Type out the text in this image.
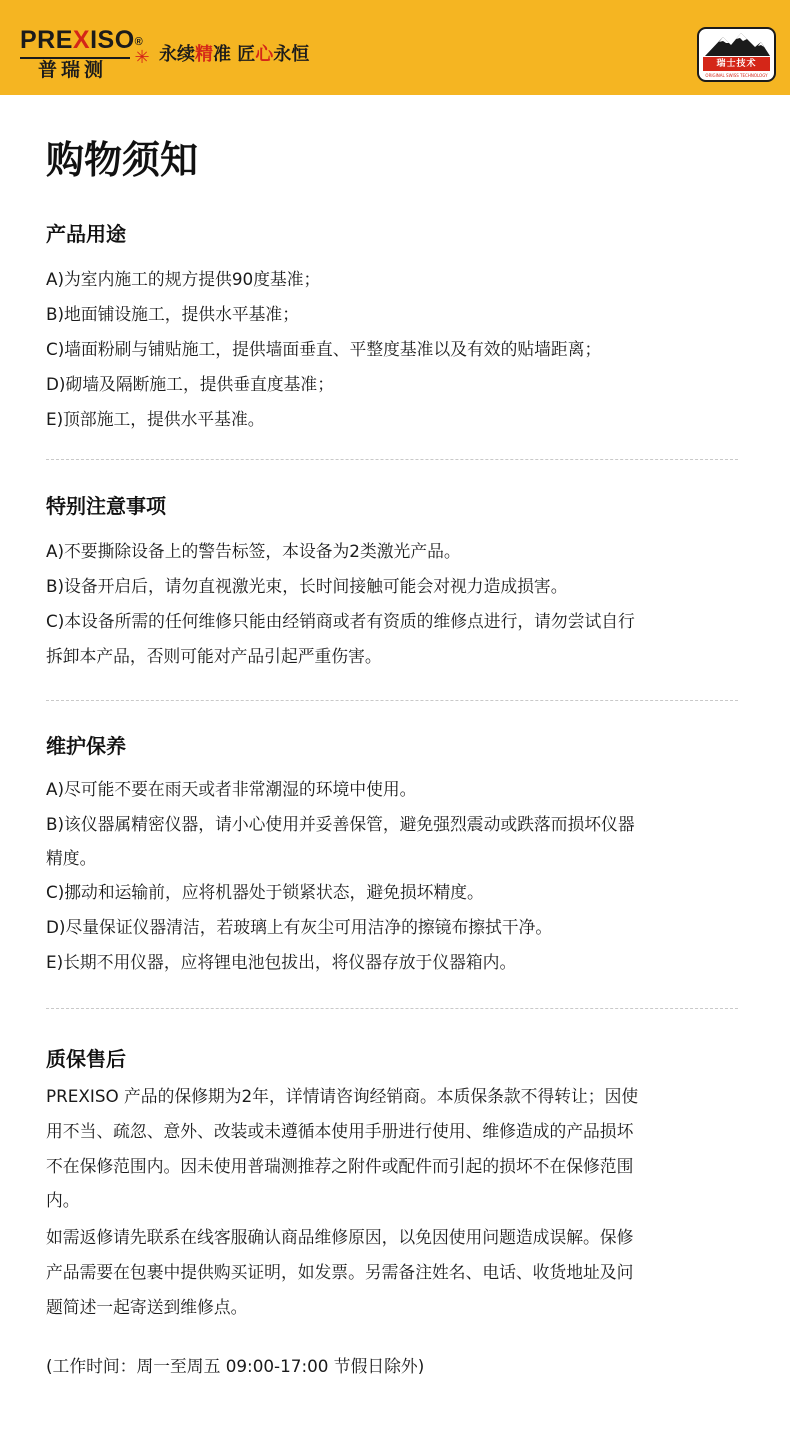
PREXISO®
✳
普瑞测
永续精准 匠心永恒	瑞士技术
ORIGINAL SWISS TECHNOLOGY
购物须知
产品用途
A)为室内施工的规方提供90度基准；
B)地面铺设施工，提供水平基准；
C)墙面粉刷与铺贴施工，提供墙面垂直、平整度基准以及有效的贴墙距离；
D)砌墙及隔断施工，提供垂直度基准；
E)顶部施工，提供水平基准。
特别注意事项
A)不要撕除设备上的警告标签，本设备为2类激光产品。
B)设备开启后，请勿直视激光束，长时间接触可能会对视力造成损害。
C)本设备所需的任何维修只能由经销商或者有资质的维修点进行，请勿尝试自行
拆卸本产品，否则可能对产品引起严重伤害。
维护保养
A)尽可能不要在雨天或者非常潮湿的环境中使用。
B)该仪器属精密仪器，请小心使用并妥善保管，避免强烈震动或跌落而损坏仪器
精度。
C)挪动和运输前，应将机器处于锁紧状态，避免损坏精度。
D)尽量保证仪器清洁，若玻璃上有灰尘可用洁净的擦镜布擦拭干净。
E)长期不用仪器，应将锂电池包拔出，将仪器存放于仪器箱内。
质保售后
PREXISO 产品的保修期为2年，详情请咨询经销商。本质保条款不得转让；因使
用不当、疏忽、意外、改装或未遵循本使用手册进行使用、维修造成的产品损坏
不在保修范围内。因未使用普瑞测推荐之附件或配件而引起的损坏不在保修范围
内。
如需返修请先联系在线客服确认商品维修原因，以免因使用问题造成误解。保修
产品需要在包裹中提供购买证明，如发票。另需备注姓名、电话、收货地址及问
题简述一起寄送到维修点。
(工作时间：周一至周五 09:00-17:00 节假日除外)
